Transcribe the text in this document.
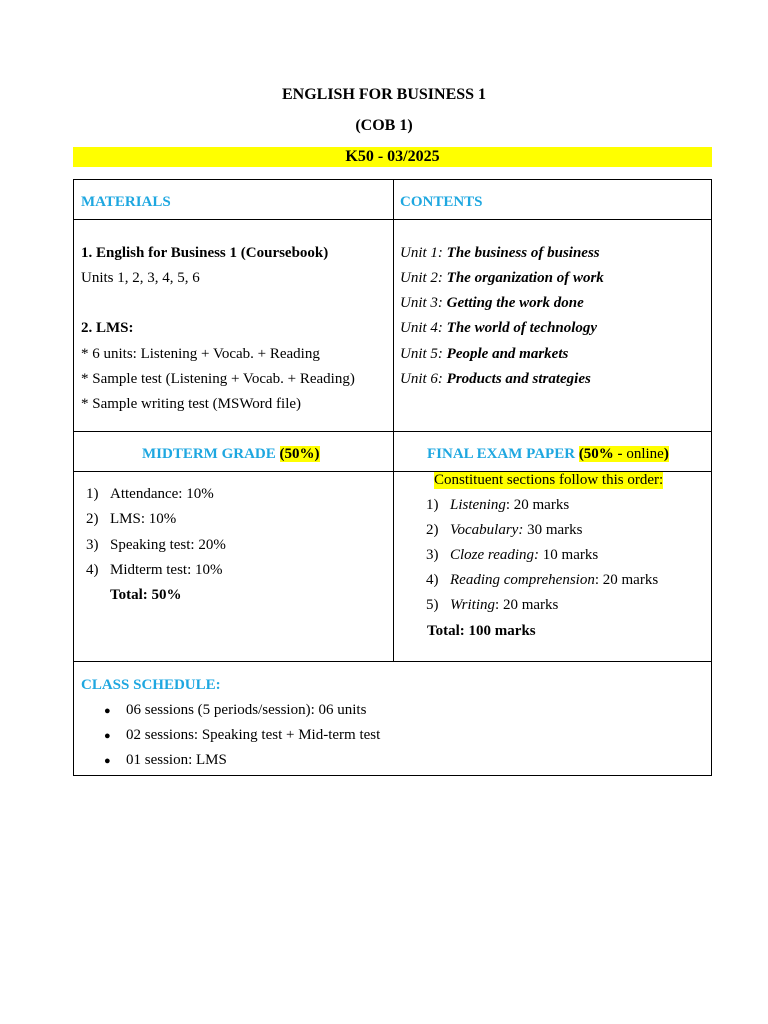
ENGLISH FOR BUSINESS 1
(COB 1)
K50 - 03/2025
MATERIALS	CONTENTS
1. English for Business 1 (Coursebook)
Units 1, 2, 3, 4, 5, 6
2. LMS:
* 6 units: Listening + Vocab. + Reading
* Sample test (Listening + Vocab. + Reading)
* Sample writing test (MSWord file)
Unit 1: The business of business
Unit 2: The organization of work
Unit 3: Getting the work done
Unit 4: The world of technology
Unit 5: People and markets
Unit 6: Products and strategies
MIDTERM GRADE (50%)	FINAL EXAM PAPER (50% - online)
1) Attendance: 10%
2) LMS: 10%
3) Speaking test: 20%
4) Midterm test: 10%
Total: 50%
Constituent sections follow this order:
1) Listening: 20 marks
2) Vocabulary: 30 marks
3) Cloze reading: 10 marks
4) Reading comprehension: 20 marks
5) Writing: 20 marks
Total: 100 marks
CLASS SCHEDULE:
● 06 sessions (5 periods/session): 06 units
● 02 sessions: Speaking test + Mid-term test
● 01 session: LMS
